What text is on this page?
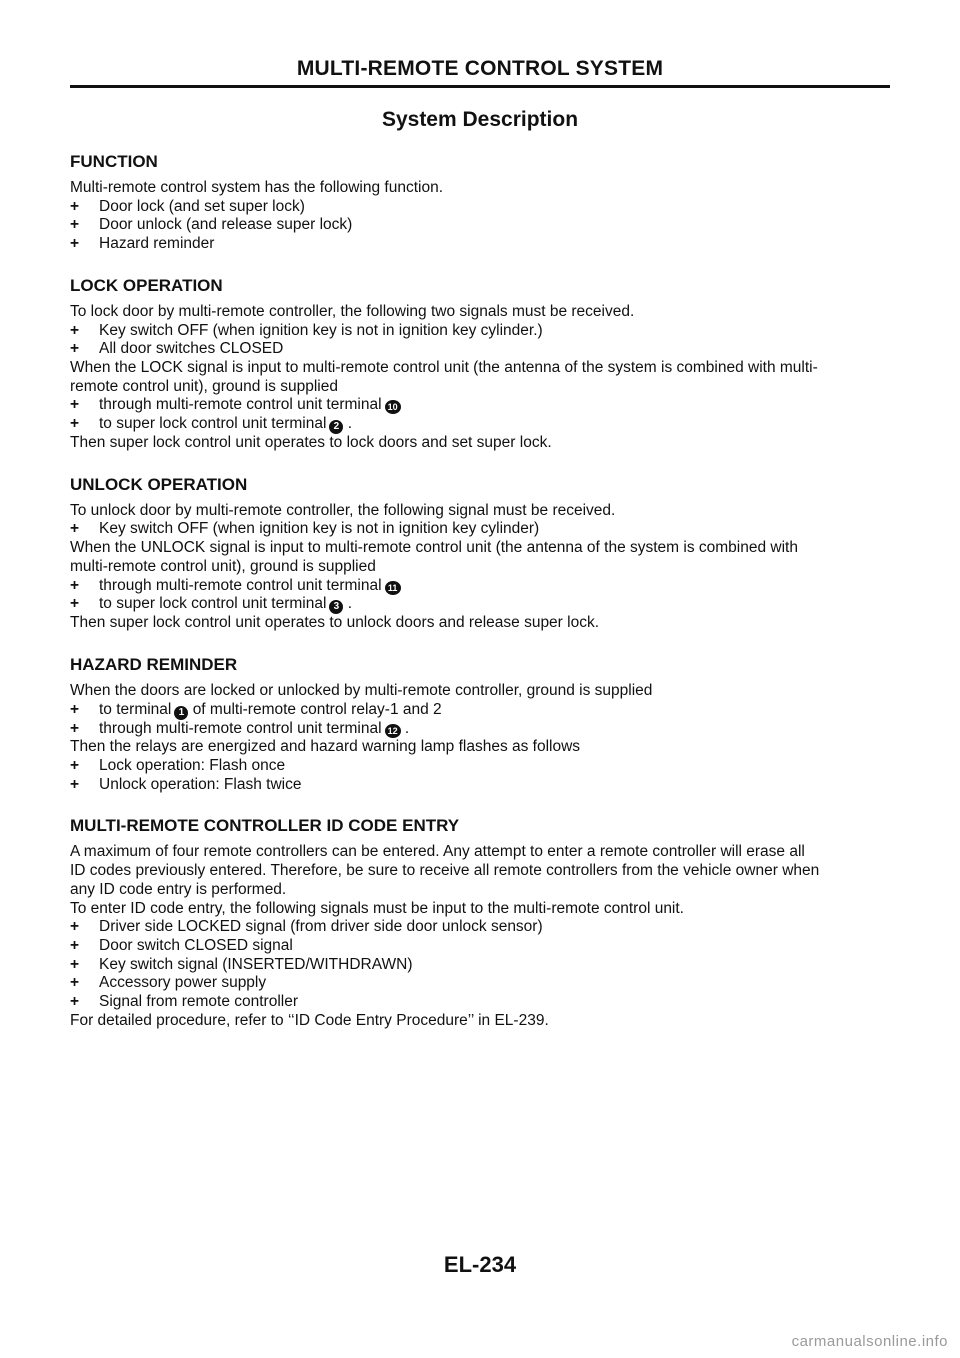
MULTI-REMOTE CONTROL SYSTEM
System Description
FUNCTION

Multi-remote control system has the following function.

+	Door lock (and set super lock)

+	Door unlock (and release super lock)

+	Hazard reminder

LOCK OPERATION

To lock door by multi-remote controller, the following two signals must be received.

+	Key switch OFF (when ignition key is not in ignition key cylinder.)

+	All door switches CLOSED

When the LOCK signal is input to multi-remote control unit (the antenna of the system is combined with multi-

remote control unit), ground is supplied

+	through multi-remote control unit terminal 10

+	to super lock control unit terminal 2 .

Then super lock control unit operates to lock doors and set super lock.

UNLOCK OPERATION

To unlock door by multi-remote controller, the following signal must be received.

+	Key switch OFF (when ignition key is not in ignition key cylinder)

When the UNLOCK signal is input to multi-remote control unit (the antenna of the system is combined with

multi-remote control unit), ground is supplied

+	through multi-remote control unit terminal 11

+	to super lock control unit terminal 3 .

Then super lock control unit operates to unlock doors and release super lock.

HAZARD REMINDER

When the doors are locked or unlocked by multi-remote controller, ground is supplied

+	to terminal 1 of multi-remote control relay-1 and 2

+	through multi-remote control unit terminal 12 .

Then the relays are energized and hazard warning lamp flashes as follows

+	Lock operation: Flash once

+	Unlock operation: Flash twice

MULTI-REMOTE CONTROLLER ID CODE ENTRY

A maximum of four remote controllers can be entered. Any attempt to enter a remote controller will erase all

ID codes previously entered. Therefore, be sure to receive all remote controllers from the vehicle owner when

any ID code entry is performed.

To enter ID code entry, the following signals must be input to the multi-remote control unit.

+	Driver side LOCKED signal (from driver side door unlock sensor)

+	Door switch CLOSED signal

+	Key switch signal (INSERTED/WITHDRAWN)

+	Accessory power supply

+	Signal from remote controller

For detailed procedure, refer to ‘‘ID Code Entry Procedure’’ in EL-239.

EL-234
carmanualsonline.info
